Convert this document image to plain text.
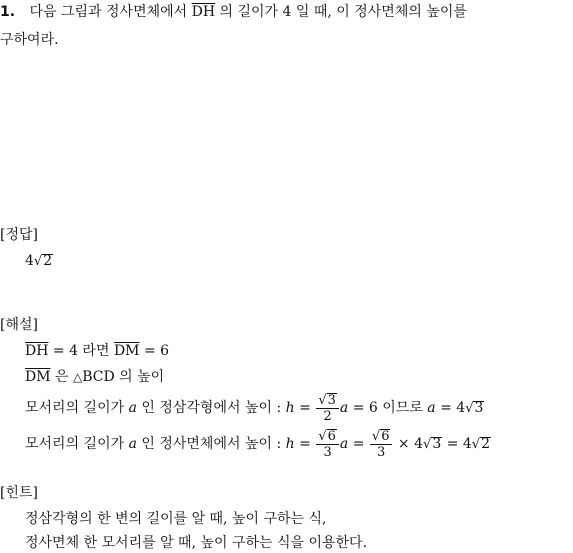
1. 다음 그림과 정사면체에서 $\overline{DH}$ 의 길이가 4 일 때, 이 정사면체의 높이를
구하여라.
[정답]
4√2
[해설]
$\overline{DH} = 4$ 라면 $\overline{DM} = 6$
$\overline{DM}$ 은 △BCD 의 높이
모서리의 길이가 a 인 정삼각형에서 높이 : $h = \frac{√3}{2}$ a = 6 이므로 a = 4√3
모서리의 길이가 a 인 정사면체에서 높이 : $h = \frac{√6}{3}$ $a = \frac{√6}{3} \times 4√3 = 4√2$
[힌트]
정삼각형의 한 변의 길이를 알 때, 높이 구하는 식,
정사면체 한 모서리를 알 때, 높이 구하는 식을 이용한다.
